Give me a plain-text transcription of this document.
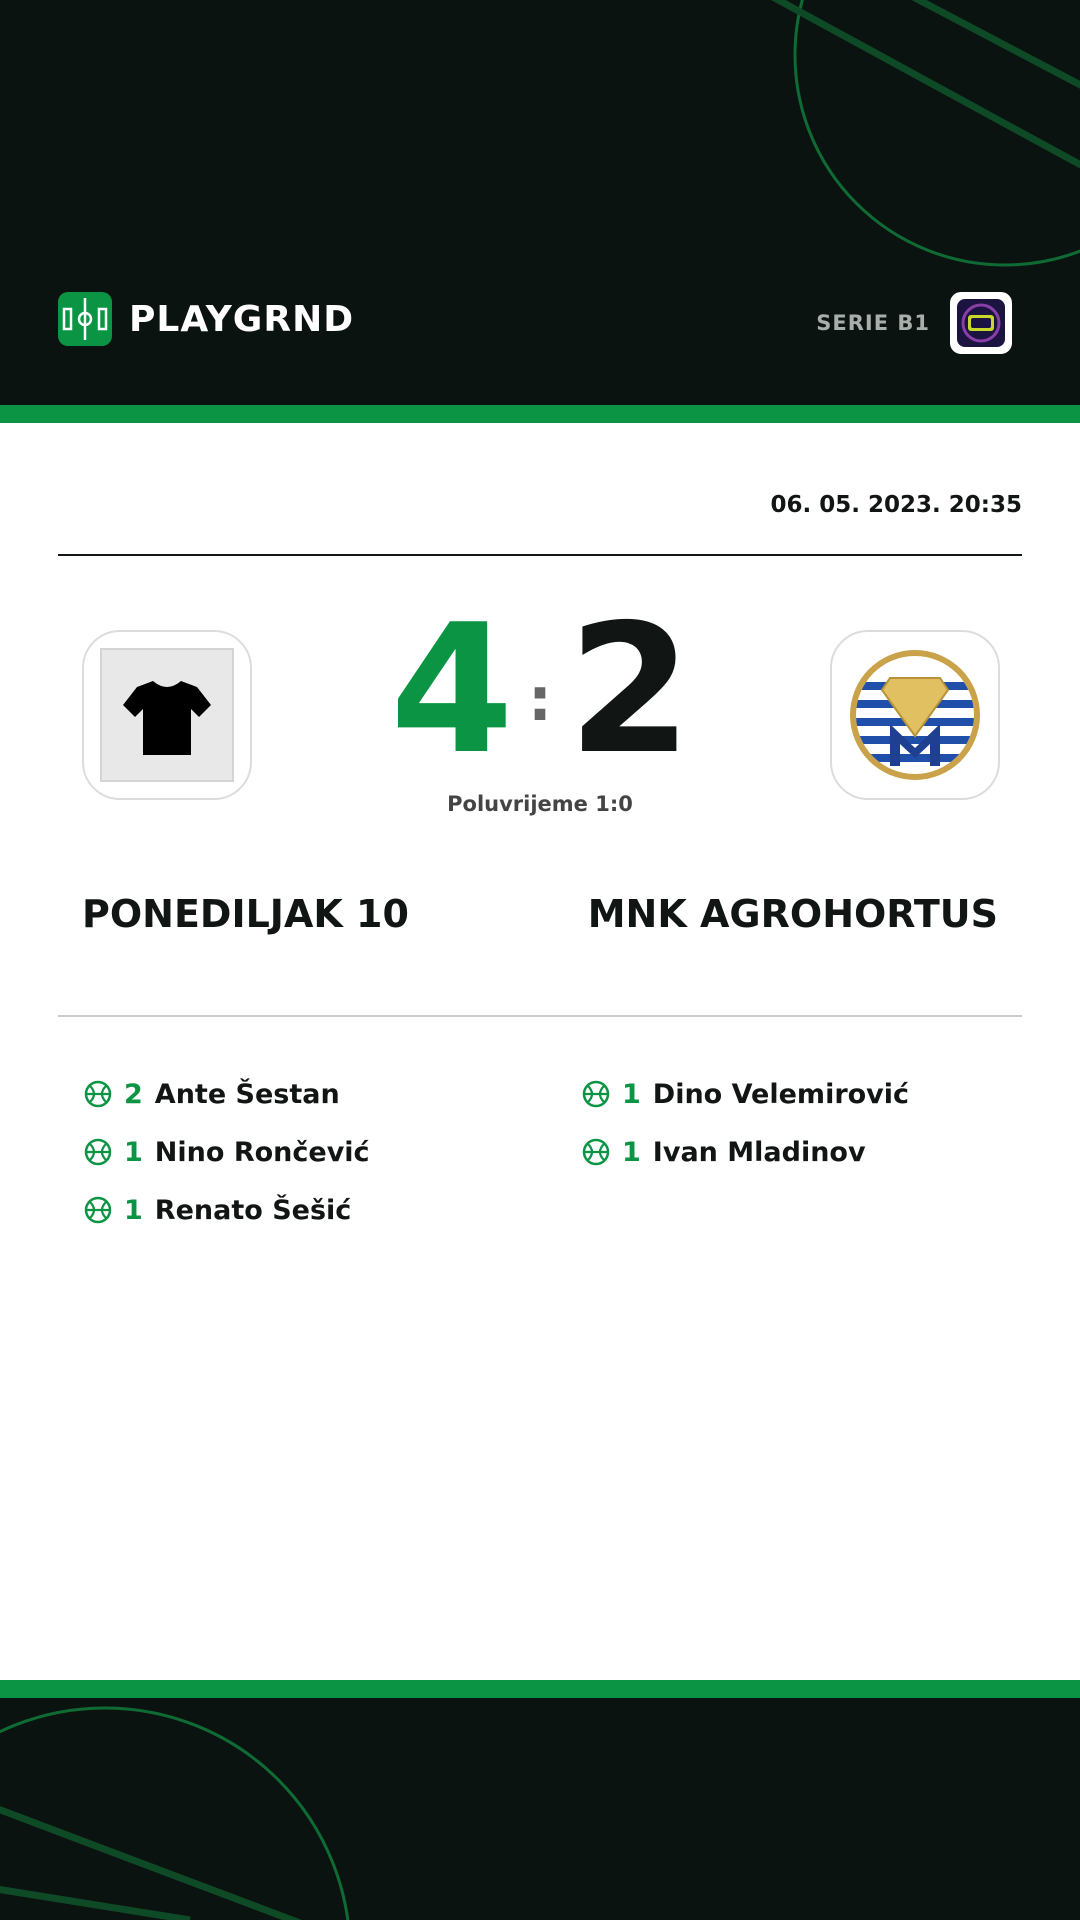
PLAYGRND	SERIE B1
06. 05. 2023. 20:35
4 : 2
Poluvrijeme 1:0
PONEDILJAK 10	MNK AGROHORTUS
2 Ante Šestan
1 Nino Rončević
1 Renato Šešić
1 Dino Velemirović
1 Ivan Mladinov
